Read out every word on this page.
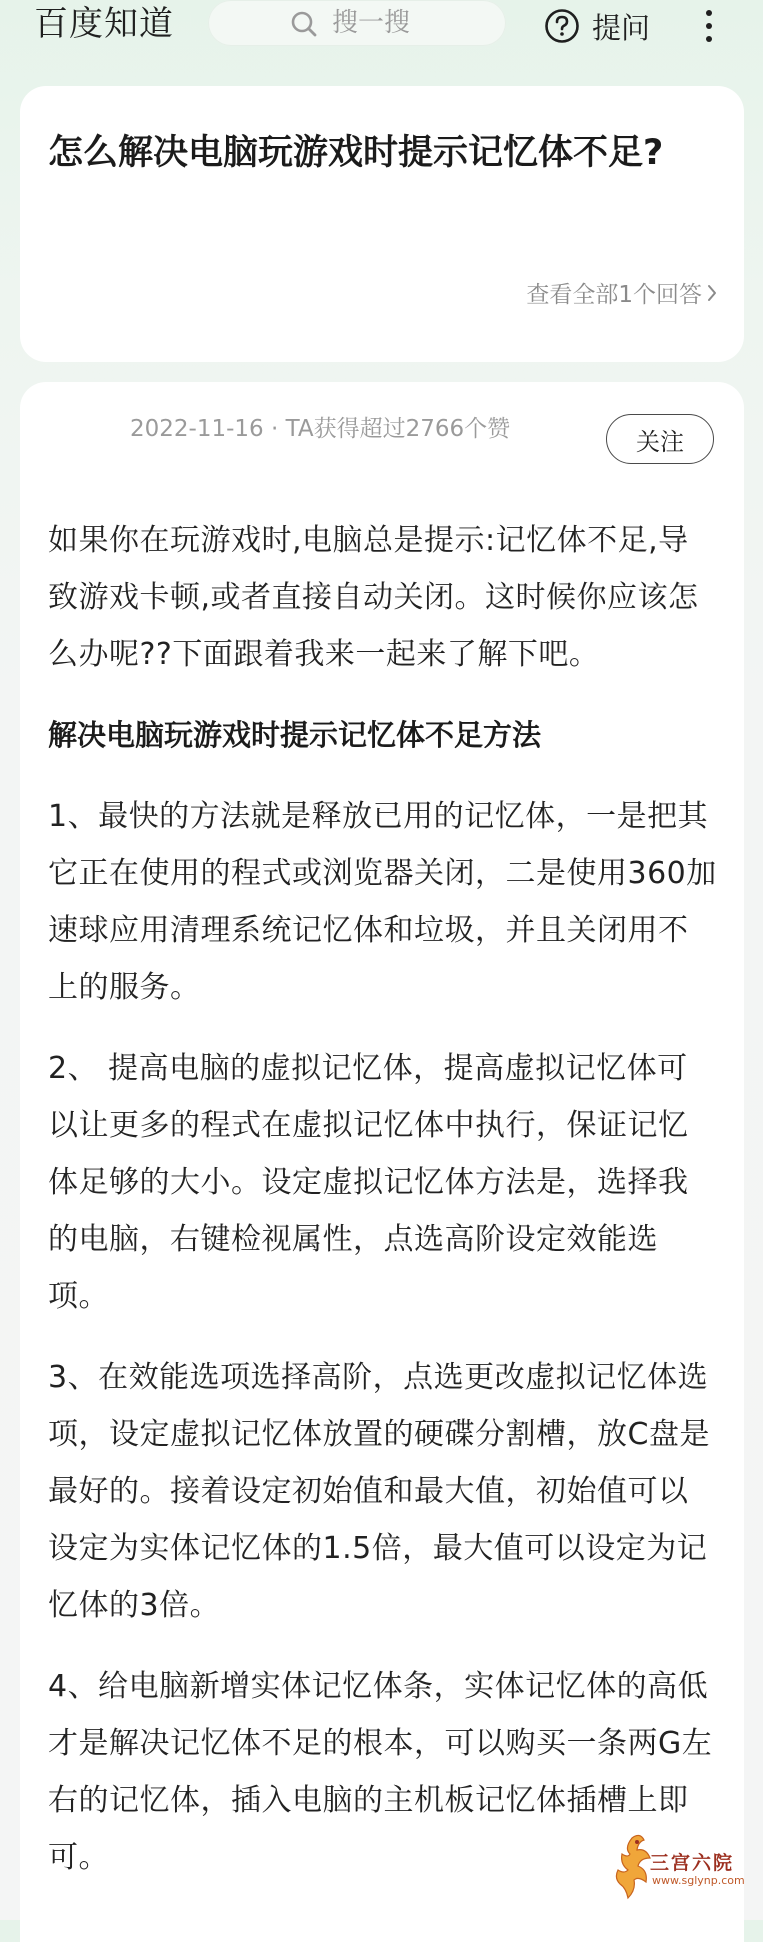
百度知道	搜一搜	提问
怎么解决电脑玩游戏时提示记忆体不足?
查看全部1个回答
2022-11-16 · TA获得超过2766个赞	关注

如果你在玩游戏时,电脑总是提示:记忆体不足,导致游戏卡顿,或者直接自动关闭。这时候你应该怎么办呢??下面跟着我来一起来了解下吧。

解决电脑玩游戏时提示记忆体不足方法

1、最快的方法就是释放已用的记忆体，一是把其它正在使用的程式或浏览器关闭，二是使用360加速球应用清理系统记忆体和垃圾，并且关闭用不上的服务。

2、 提高电脑的虚拟记忆体，提高虚拟记忆体可以让更多的程式在虚拟记忆体中执行，保证记忆体足够的大小。设定虚拟记忆体方法是，选择我的电脑，右键检视属性，点选高阶设定效能选项。

3、在效能选项选择高阶，点选更改虚拟记忆体选项，设定虚拟记忆体放置的硬碟分割槽，放C盘是最好的。接着设定初始值和最大值，初始值可以设定为实体记忆体的1.5倍，最大值可以设定为记忆体的3倍。

4、给电脑新增实体记忆体条，实体记忆体的高低才是解决记忆体不足的根本，可以购买一条两G左右的记忆体，插入电脑的主机板记忆体插槽上即可。	三宫六院
www.sglynp.com
